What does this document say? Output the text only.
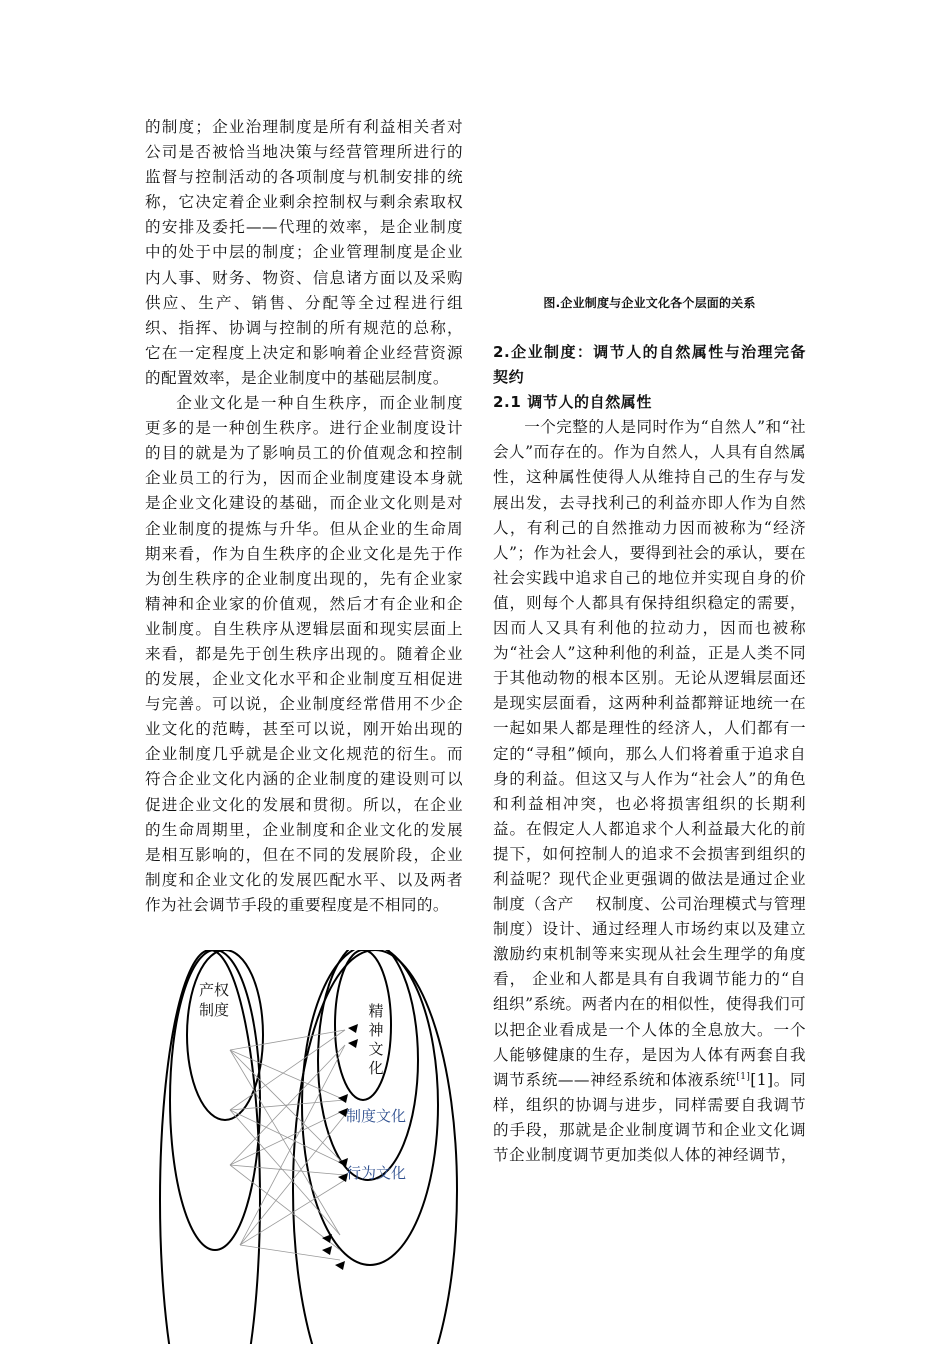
的制度；企业治理制度是所有利益相关者对公司是否被恰当地决策与经营管理所进行的监督与控制活动的各项制度与机制安排的统称，它决定着企业剩余控制权与剩余索取权的安排及委托——代理的效率，是企业制度中的处于中层的制度；企业管理制度是企业内人事、财务、物资、信息诸方面以及采购供应、生产、销售、分配等全过程进行组织、指挥、协调与控制的所有规范的总称，它在一定程度上决定和影响着企业经营资源的配置效率，是企业制度中的基础层制度。

企业文化是一种自生秩序，而企业制度更多的是一种创生秩序。进行企业制度设计的目的就是为了影响员工的价值观念和控制企业员工的行为，因而企业制度建设本身就是企业文化建设的基础，而企业文化则是对企业制度的提炼与升华。但从企业的生命周期来看，作为自生秩序的企业文化是先于作为创生秩序的企业制度出现的，先有企业家精神和企业家的价值观，然后才有企业和企业制度。自生秩序从逻辑层面和现实层面上来看，都是先于创生秩序出现的。随着企业的发展，企业文化水平和企业制度互相促进与完善。可以说，企业制度经常借用不少企业文化的范畴，甚至可以说，刚开始出现的企业制度几乎就是企业文化规范的衍生。而符合企业文化内涵的企业制度的建设则可以促进企业文化的发展和贯彻。所以，在企业的生命周期里，企业制度和企业文化的发展是相互影响的，但在不同的发展阶段，企业制度和企业文化的发展匹配水平、以及两者作为社会调节手段的重要程度是不相同的。

图.企业制度与企业文化各个层面的关系

2.企业制度：调节人的自然属性与治理完备契约

2.1 调节人的自然属性

一个完整的人是同时作为“自然人”和“社会人”而存在的。作为自然人，人具有自然属性，这种属性使得人从维持自己的生存与发展出发，去寻找利己的利益亦即人作为自然人，有利己的自然推动力因而被称为“经济人”；作为社会人，要得到社会的承认，要在社会实践中追求自己的地位并实现自身的价值，则每个人都具有保持组织稳定的需要，因而人又具有利他的拉动力，因而也被称为“社会人”这种利他的利益，正是人类不同于其他动物的根本区别。无论从逻辑层面还是现实层面看，这两种利益都辩证地统一在一起如果人都是理性的经济人，人们都有一定的“寻租”倾向，那么人们将着重于追求自身的利益。但这又与人作为“社会人”的角色和利益相冲突，也必将损害组织的长期利益。在假定人人都追求个人利益最大化的前提下，如何控制人的追求不会损害到组织的利益呢？现代企业更强调的做法是通过企业制度（含产　 权制度、公司治理模式与管理制度）设计、通过经理人市场约束以及建立激励约束机制等来实现从社会生理学的角度看， 企业和人都是具有自我调节能力的“自组织”系统。两者内在的相似性，使得我们可以把企业看成是一个人体的全息放大。一个人能够健康的生存，是因为人体有两套自我调节系统——神经系统和体液系统[1][1]。同样，组织的协调与进步，同样需要自我调节的手段，那就是企业制度调节和企业文化调节企业制度调节更加类似人体的神经调节，

产权
制度	精
神
文
化
制度文化
行为文化
